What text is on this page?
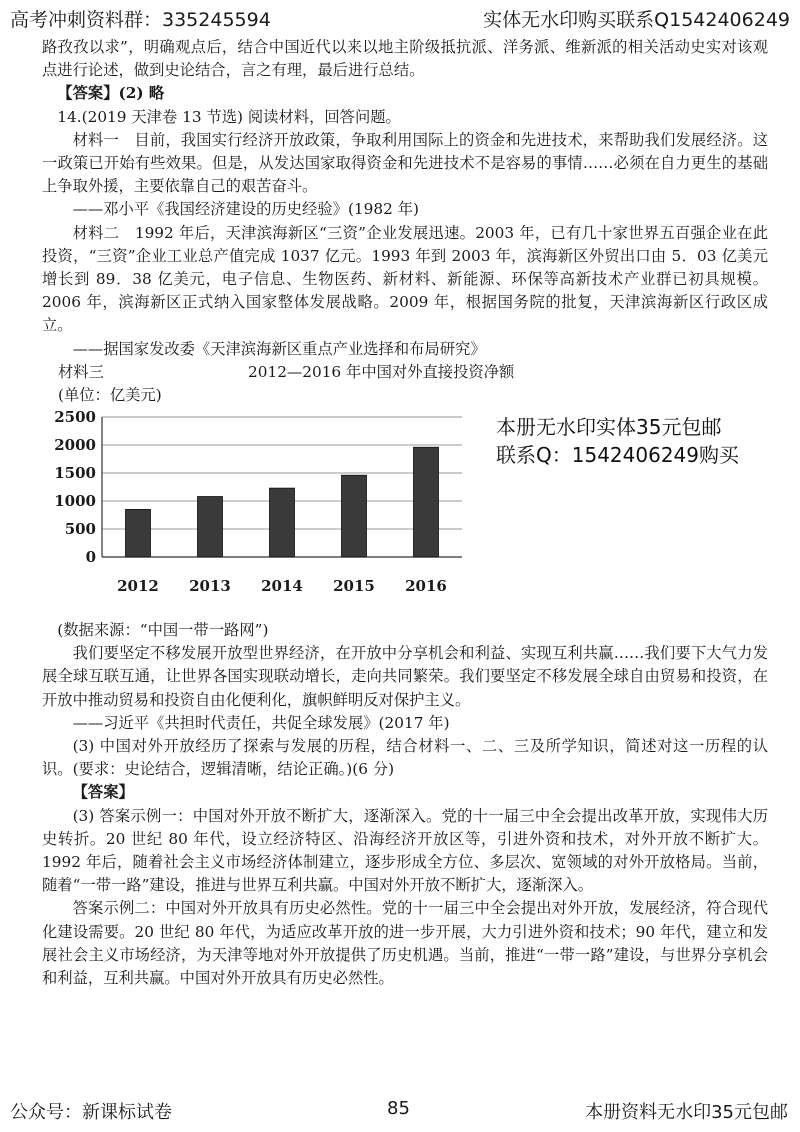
高考冲刺资料群：335245594	实体无水印购买联系Q1542406249

路孜孜以求”，明确观点后，结合中国近代以来以地主阶级抵抗派、洋务派、维新派的相关活动史实对该观点进行论述，做到史论结合，言之有理，最后进行总结。

【答案】(2) 略

14.(2019 天津卷 13 节选) 阅读材料，回答问题。

材料一　目前，我国实行经济开放政策，争取利用国际上的资金和先进技术，来帮助我们发展经济。这一政策已开始有些效果。但是，从发达国家取得资金和先进技术不是容易的事情……必须在自力更生的基础上争取外援，主要依靠自己的艰苦奋斗。

——邓小平《我国经济建设的历史经验》(1982 年)

材料二　1992 年后，天津滨海新区“三资”企业发展迅速。2003 年，已有几十家世界五百强企业在此投资，“三资”企业工业总产值完成 1037 亿元。1993 年到 2003 年，滨海新区外贸出口由 5．03 亿美元增长到 89．38 亿美元，电子信息、生物医药、新材料、新能源、环保等高新技术产业群已初具规模。2006 年，滨海新区正式纳入国家整体发展战略。2009 年，根据国务院的批复，天津滨海新区行政区成立。

——据国家发改委《天津滨海新区重点产业选择和布局研究》

材料三	2012—2016 年中国对外直接投资净额

(单位：亿美元)

0
500
1000
1500
2000
2500
2012 2013 2014 2015 2016
本册无水印实体35元包邮
联系Q：1542406249购买

(数据来源：“中国一带一路网”)

我们要坚定不移发展开放型世界经济，在开放中分享机会和利益、实现互利共赢……我们要下大气力发展全球互联互通，让世界各国实现联动增长，走向共同繁荣。我们要坚定不移发展全球自由贸易和投资，在开放中推动贸易和投资自由化便利化，旗帜鲜明反对保护主义。

——习近平《共担时代责任，共促全球发展》(2017 年)

(3) 中国对外开放经历了探索与发展的历程，结合材料一、二、三及所学知识，简述对这一历程的认识。(要求：史论结合，逻辑清晰，结论正确。)(6 分)

【答案】

(3) 答案示例一：中国对外开放不断扩大，逐渐深入。党的十一届三中全会提出改革开放，实现伟大历史转折。20 世纪 80 年代，设立经济特区、沿海经济开放区等，引进外资和技术，对外开放不断扩大。1992 年后，随着社会主义市场经济体制建立，逐步形成全方位、多层次、宽领域的对外开放格局。当前，随着“一带一路”建设，推进与世界互利共赢。中国对外开放不断扩大，逐渐深入。

答案示例二：中国对外开放具有历史必然性。党的十一届三中全会提出对外开放，发展经济，符合现代化建设需要。20 世纪 80 年代，为适应改革开放的进一步开展，大力引进外资和技术；90 年代，建立和发展社会主义市场经济，为天津等地对外开放提供了历史机遇。当前，推进“一带一路”建设，与世界分享机会和利益，互利共赢。中国对外开放具有历史必然性。

公众号：新课标试卷	85	本册资料无水印35元包邮
